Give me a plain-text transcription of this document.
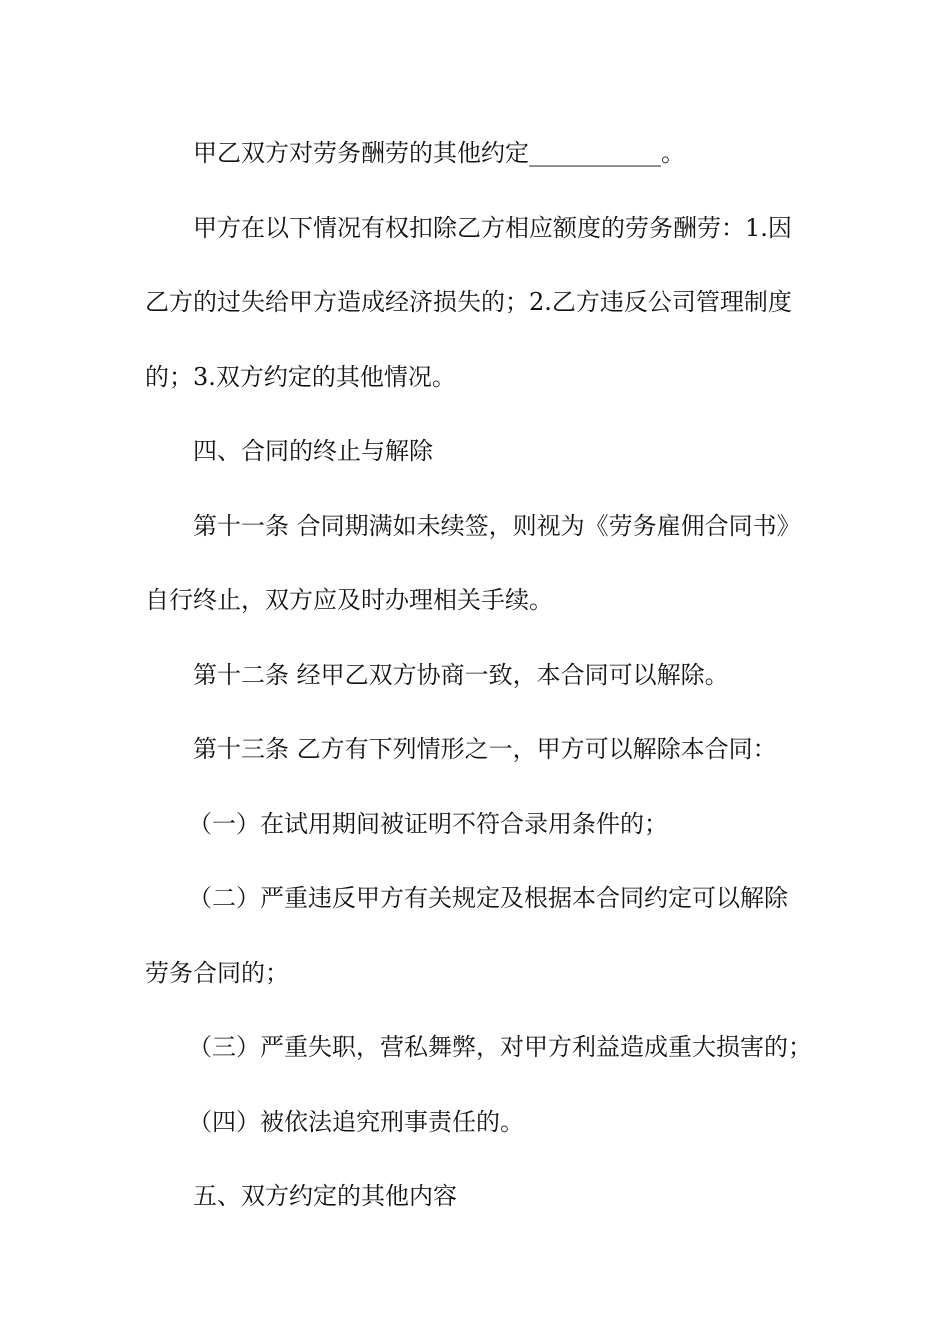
甲乙双方对劳务酬劳的其他约定___________。
甲方在以下情况有权扣除乙方相应额度的劳务酬劳：1.因
乙方的过失给甲方造成经济损失的；2.乙方违反公司管理制度
的；3.双方约定的其他情况。
四、合同的终止与解除
第十一条 合同期满如未续签，则视为《劳务雇佣合同书》
自行终止，双方应及时办理相关手续。
第十二条 经甲乙双方协商一致，本合同可以解除。
第十三条 乙方有下列情形之一，甲方可以解除本合同：
（一）在试用期间被证明不符合录用条件的；
（二）严重违反甲方有关规定及根据本合同约定可以解除
劳务合同的；
（三）严重失职，营私舞弊，对甲方利益造成重大损害的；
（四）被依法追究刑事责任的。
五、双方约定的其他内容
